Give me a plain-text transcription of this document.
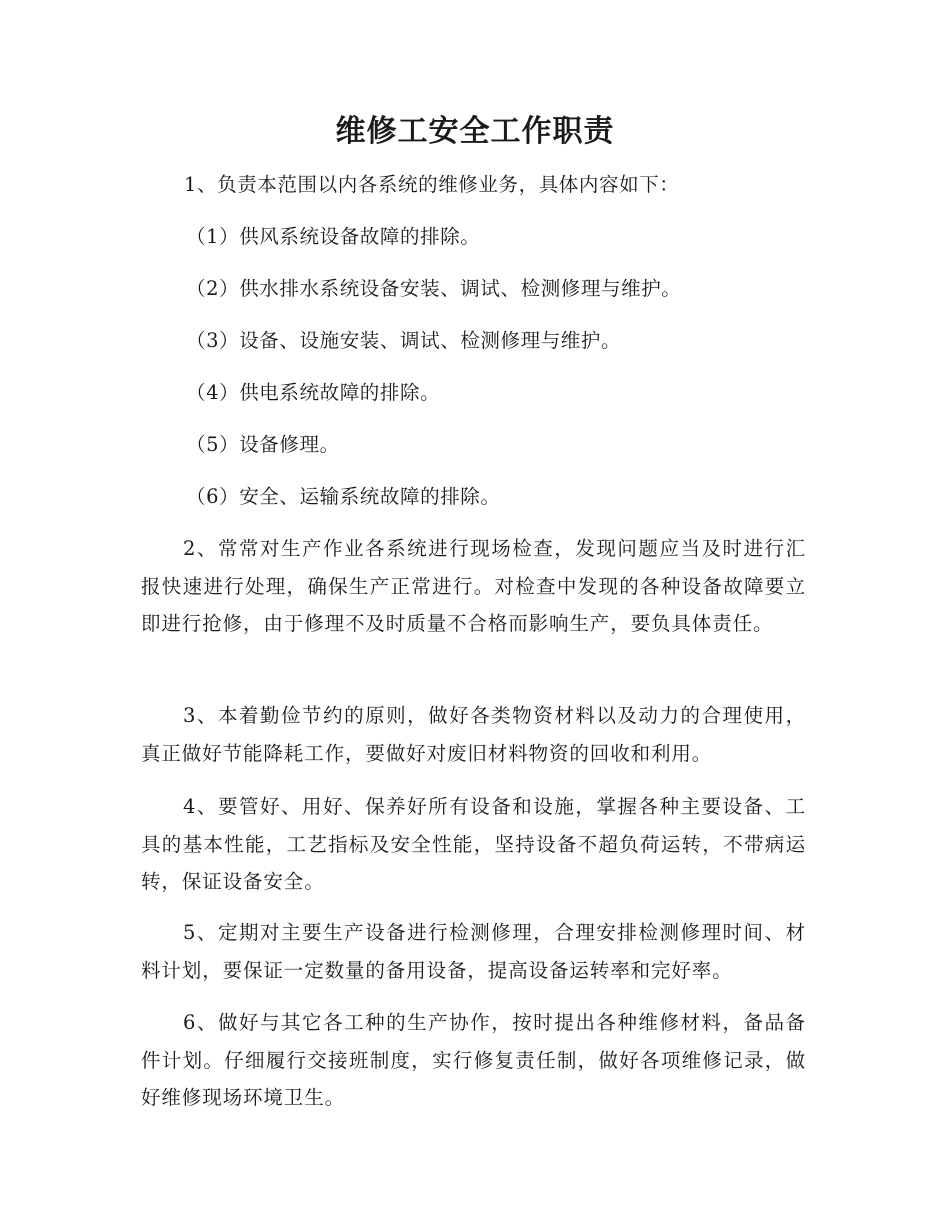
维修工安全工作职责
1、负责本范围以内各系统的维修业务，具体内容如下：
（1）供风系统设备故障的排除。
（2）供水排水系统设备安装、调试、检测修理与维护。
（3）设备、设施安装、调试、检测修理与维护。
（4）供电系统故障的排除。
（5）设备修理。
（6）安全、运输系统故障的排除。
2、常常对生产作业各系统进行现场检查，发现问题应当及时进行汇报快速进行处理，确保生产正常进行。对检查中发现的各种设备故障要立即进行抢修，由于修理不及时质量不合格而影响生产，要负具体责任。
3、本着勤俭节约的原则，做好各类物资材料以及动力的合理使用，真正做好节能降耗工作，要做好对废旧材料物资的回收和利用。
4、要管好、用好、保养好所有设备和设施，掌握各种主要设备、工具的基本性能，工艺指标及安全性能，坚持设备不超负荷运转，不带病运转，保证设备安全。
5、定期对主要生产设备进行检测修理，合理安排检测修理时间、材料计划，要保证一定数量的备用设备，提高设备运转率和完好率。
6、做好与其它各工种的生产协作，按时提出各种维修材料，备品备件计划。仔细履行交接班制度，实行修复责任制，做好各项维修记录，做好维修现场环境卫生。
